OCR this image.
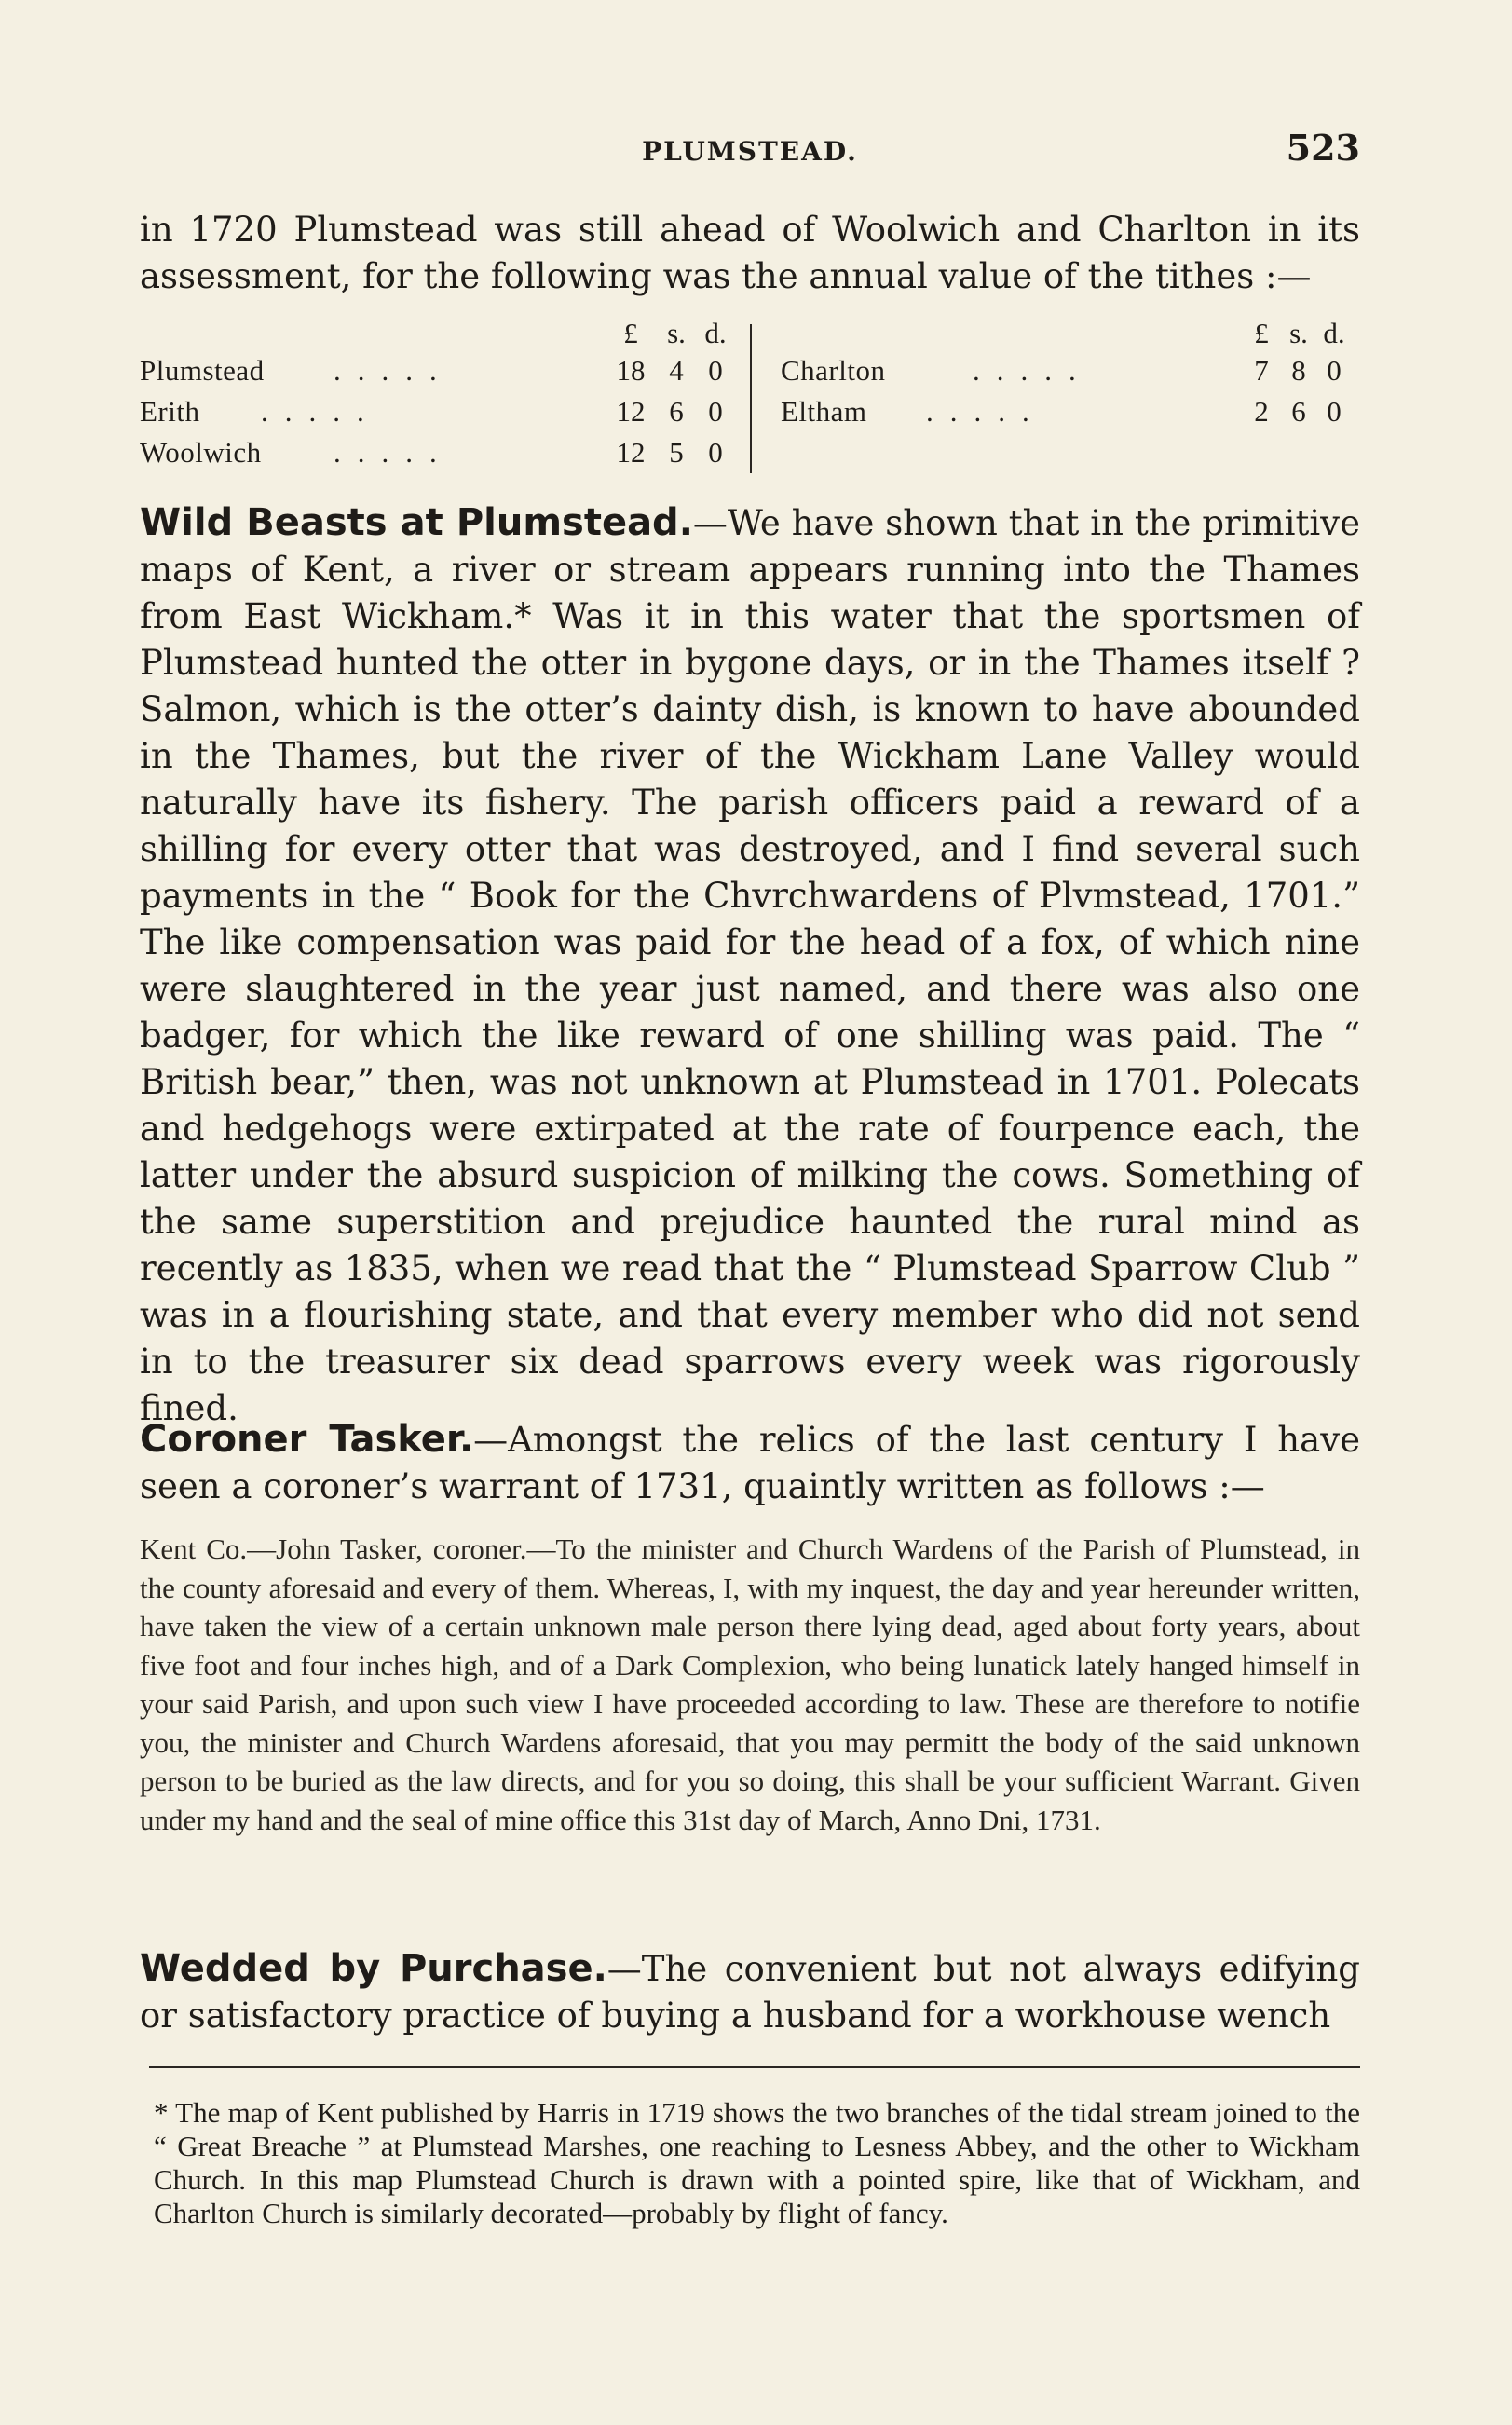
PLUMSTEAD.	523
in 1720 Plumstead was still ahead of Woolwich and Charlton in its assessment, for the following was the annual value of the tithes :—
£	s. d.
Plumstead .....	18 4 0
Erith .....	12 6 0
Woolwich .....	12 5 0
£ s. d.
Charlton	.....	7 8 0
Eltham .....	2 6 0
Wild Beasts at Plumstead.—We have shown that in the primitive maps of Kent, a river or stream appears running into the Thames from East Wickham.* Was it in this water that the sportsmen of Plumstead hunted the otter in bygone days, or in the Thames itself ? Salmon, which is the otter’s dainty dish, is known to have abounded in the Thames, but the river of the Wickham Lane Valley would naturally have its fishery. The parish officers paid a reward of a shilling for every otter that was destroyed, and I find several such payments in the “ Book for the Chvrchwardens of Plvmstead, 1701.” The like compensation was paid for the head of a fox, of which nine were slaughtered in the year just named, and there was also one badger, for which the like reward of one shilling was paid. The “ British bear,” then, was not unknown at Plumstead in 1701. Polecats and hedgehogs were extirpated at the rate of fourpence each, the latter under the absurd suspicion of milking the cows. Something of the same superstition and prejudice haunted the rural mind as recently as 1835, when we read that the “ Plumstead Sparrow Club ” was in a flourishing state, and that every member who did not send in to the treasurer six dead sparrows every week was rigorously fined.
Coroner Tasker.—Amongst the relics of the last century I have seen a coroner’s warrant of 1731, quaintly written as follows :—
Kent Co.—John Tasker, coroner.—To the minister and Church Wardens of the Parish of Plumstead, in the county aforesaid and every of them. Whereas, I, with my inquest, the day and year hereunder written, have taken the view of a certain unknown male person there lying dead, aged about forty years, about five foot and four inches high, and of a Dark Complexion, who being lunatick lately hanged himself in your said Parish, and upon such view I have proceeded according to law. These are therefore to notifie you, the minister and Church Wardens aforesaid, that you may permitt the body of the said unknown person to be buried as the law directs, and for you so doing, this shall be your sufficient Warrant. Given under my hand and the seal of mine office this 31st day of March, Anno Dni, 1731.
Wedded by Purchase.—The convenient but not always edifying or satisfactory practice of buying a husband for a workhouse wench
* The map of Kent published by Harris in 1719 shows the two branches of the tidal stream joined to the “ Great Breache ” at Plumstead Marshes, one reaching to Lesness Abbey, and the other to Wickham Church. In this map Plumstead Church is drawn with a pointed spire, like that of Wickham, and Charlton Church is similarly decorated—probably by flight of fancy.
